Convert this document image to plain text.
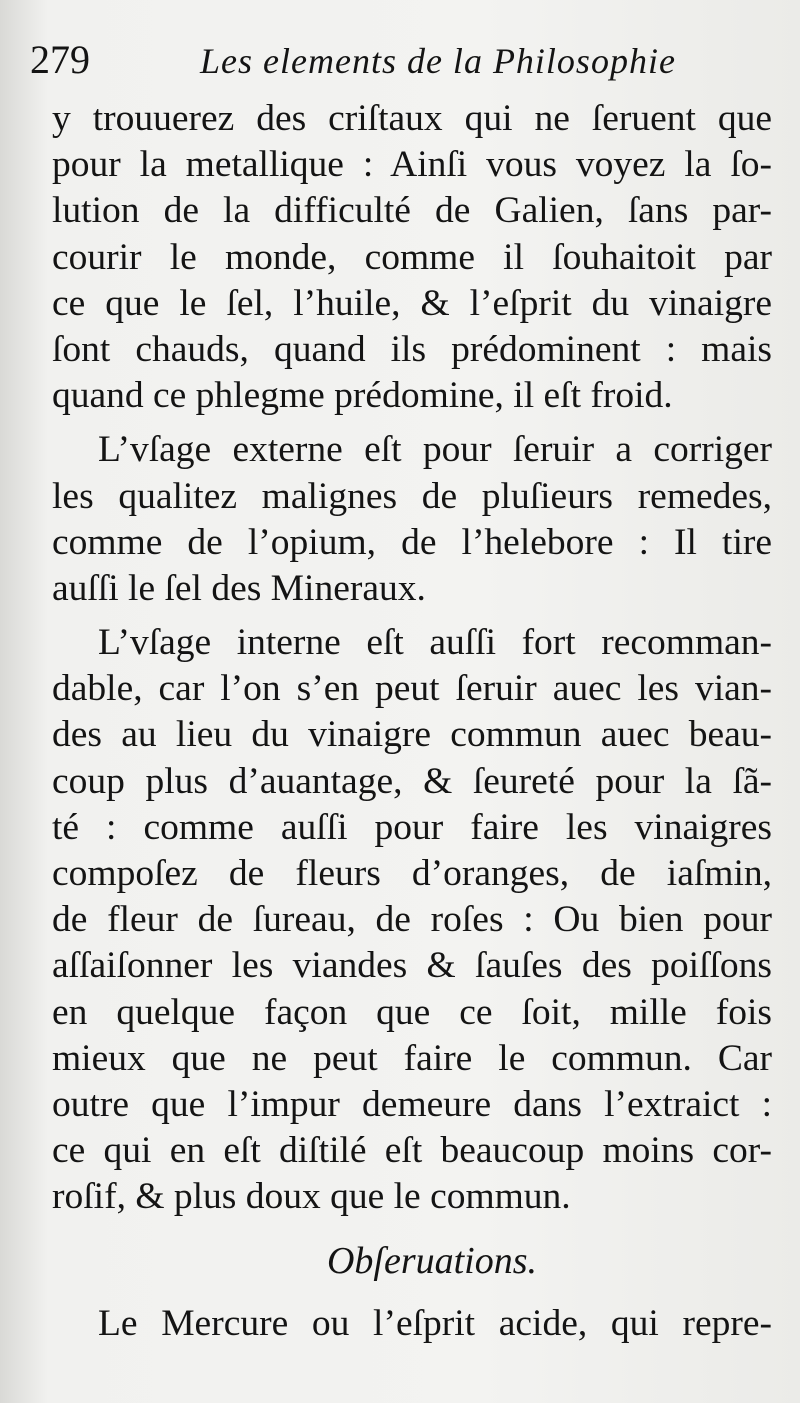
279	Les elements de la Philosophie
y trouuerez des criſtaux qui ne ſeruent que
pour la metallique : Ainſi vous voyez la ſo-
lution de la difficulté de Galien, ſans par-
courir le monde, comme il ſouhaitoit par
ce que le ſel, l’huile, & l’eſprit du vinaigre
ſont chauds, quand ils prédominent : mais
quand ce phlegme prédomine, il eſt froid.
L’vſage externe eſt pour ſeruir a corriger
les qualitez malignes de pluſieurs remedes,
comme de l’opium, de l’helebore : Il tire
auſſi le ſel des Mineraux.
L’vſage interne eſt auſſi fort recomman-
dable, car l’on s’en peut ſeruir auec les vian-
des au lieu du vinaigre commun auec beau-
coup plus d’auantage, & ſeureté pour la ſã-
té : comme auſſi pour faire les vinaigres
compoſez de fleurs d’oranges, de iaſmin,
de fleur de ſureau, de roſes : Ou bien pour
aſſaiſonner les viandes & ſauſes des poiſſons
en quelque façon que ce ſoit, mille fois
mieux que ne peut faire le commun. Car
outre que l’impur demeure dans l’extraict :
ce qui en eſt diſtilé eſt beaucoup moins cor-
roſif, & plus doux que le commun.
Obſeruations.
Le Mercure ou l’eſprit acide, qui repre-
